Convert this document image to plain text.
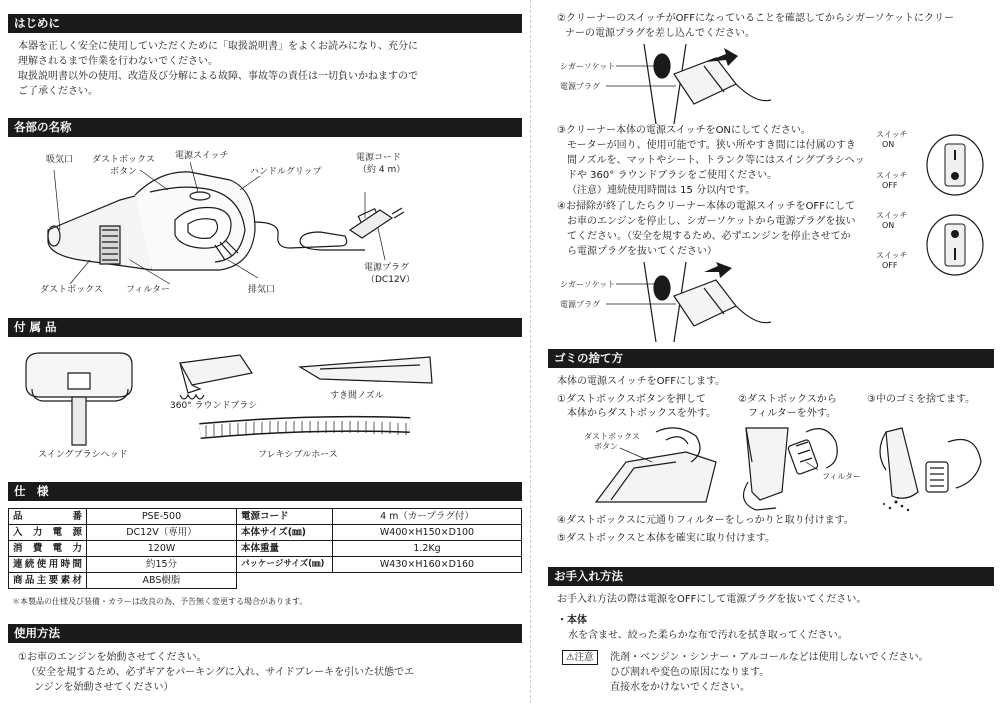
はじめに
本器を正しく安全に使用していただくために「取扱説明書」をよくお読みになり、充分に
理解されるまで作業を行わないでください。
取扱説明書以外の使用、改造及び分解による故障、事故等の責任は一切負いかねますので
ご了承ください。
各部の名称
吸気口 ダストボックス
ボタン
電源スイッチ
ハンドルグリップ
電源コード
（約 4 m）
ダストボックス	フィルター	排気口
電源プラグ
（DC12V）
付 属 品
360° ラウンドブラシ
すき間ノズル
スイングブラシヘッド	フレキシブルホース
仕　様
品番	PSE-500	電源コード	4 m（カープラグ付）
入力電源	DC12V（専用）	本体サイズ(㎜)	W400×H150×D100
消費電力	120W	本体重量	1.2Kg
連続使用時間	約15分	パッケージサイズ(㎜)	W430×H160×D160
商品主要素材	ABS樹脂		
＊本製品の仕様及び装備・カラーは改良の為、予告無く変更する場合があります。
使用方法
①お車のエンジンを始動させてください。
（安全を規するため、必ずギアをパーキングに入れ、サイドブレーキを引いた状態でエ
ンジンを始動させてください）
②クリーナーのスイッチがOFFになっていることを確認してからシガーソケットにクリー
ナーの電源プラグを差し込んでください。
シガーソケット
電源プラグ
③クリーナー本体の電源スイッチをONにしてください。
モーターが回り、使用可能です。狭い所やすき間には付属のすき
間ノズルを、マットやシート、トランク等にはスイングブラシヘッ
ドや 360° ラウンドブラシをご使用ください。
（注意）連続使用時間は 15 分以内です。
スイッチ
ON
スイッチ
OFF
④お掃除が終了したらクリーナー本体の電源スイッチをOFFにして
お車のエンジンを停止し、シガーソケットから電源プラグを抜い
てください。（安全を規するため、必ずエンジンを停止させてか
ら電源プラグを抜いてください）
スイッチ
ON
スイッチ
OFF
シガーソケット
電源プラグ
ゴミの捨て方
本体の電源スイッチをOFFにします。
①ダストボックスボタンを押して
本体からダストボックスを外す。
②ダストボックスから
フィルターを外す。
③中のゴミを捨てます。
ダストボックス
ボタン
フィルター
④ダストボックスに元通りフィルターをしっかりと取り付けます。
⑤ダストボックスと本体を確実に取り付けます。
お手入れ方法
お手入れ方法の際は電源をOFFにして電源プラグを抜いてください。
・本体
水を含ませ、絞った柔らかな布で汚れを拭き取ってください。
⚠注意	洗剤・ベンジン・シンナー・アルコールなどは使用しないでください。
ひび割れや変色の原因になります。
直接水をかけないでください。
